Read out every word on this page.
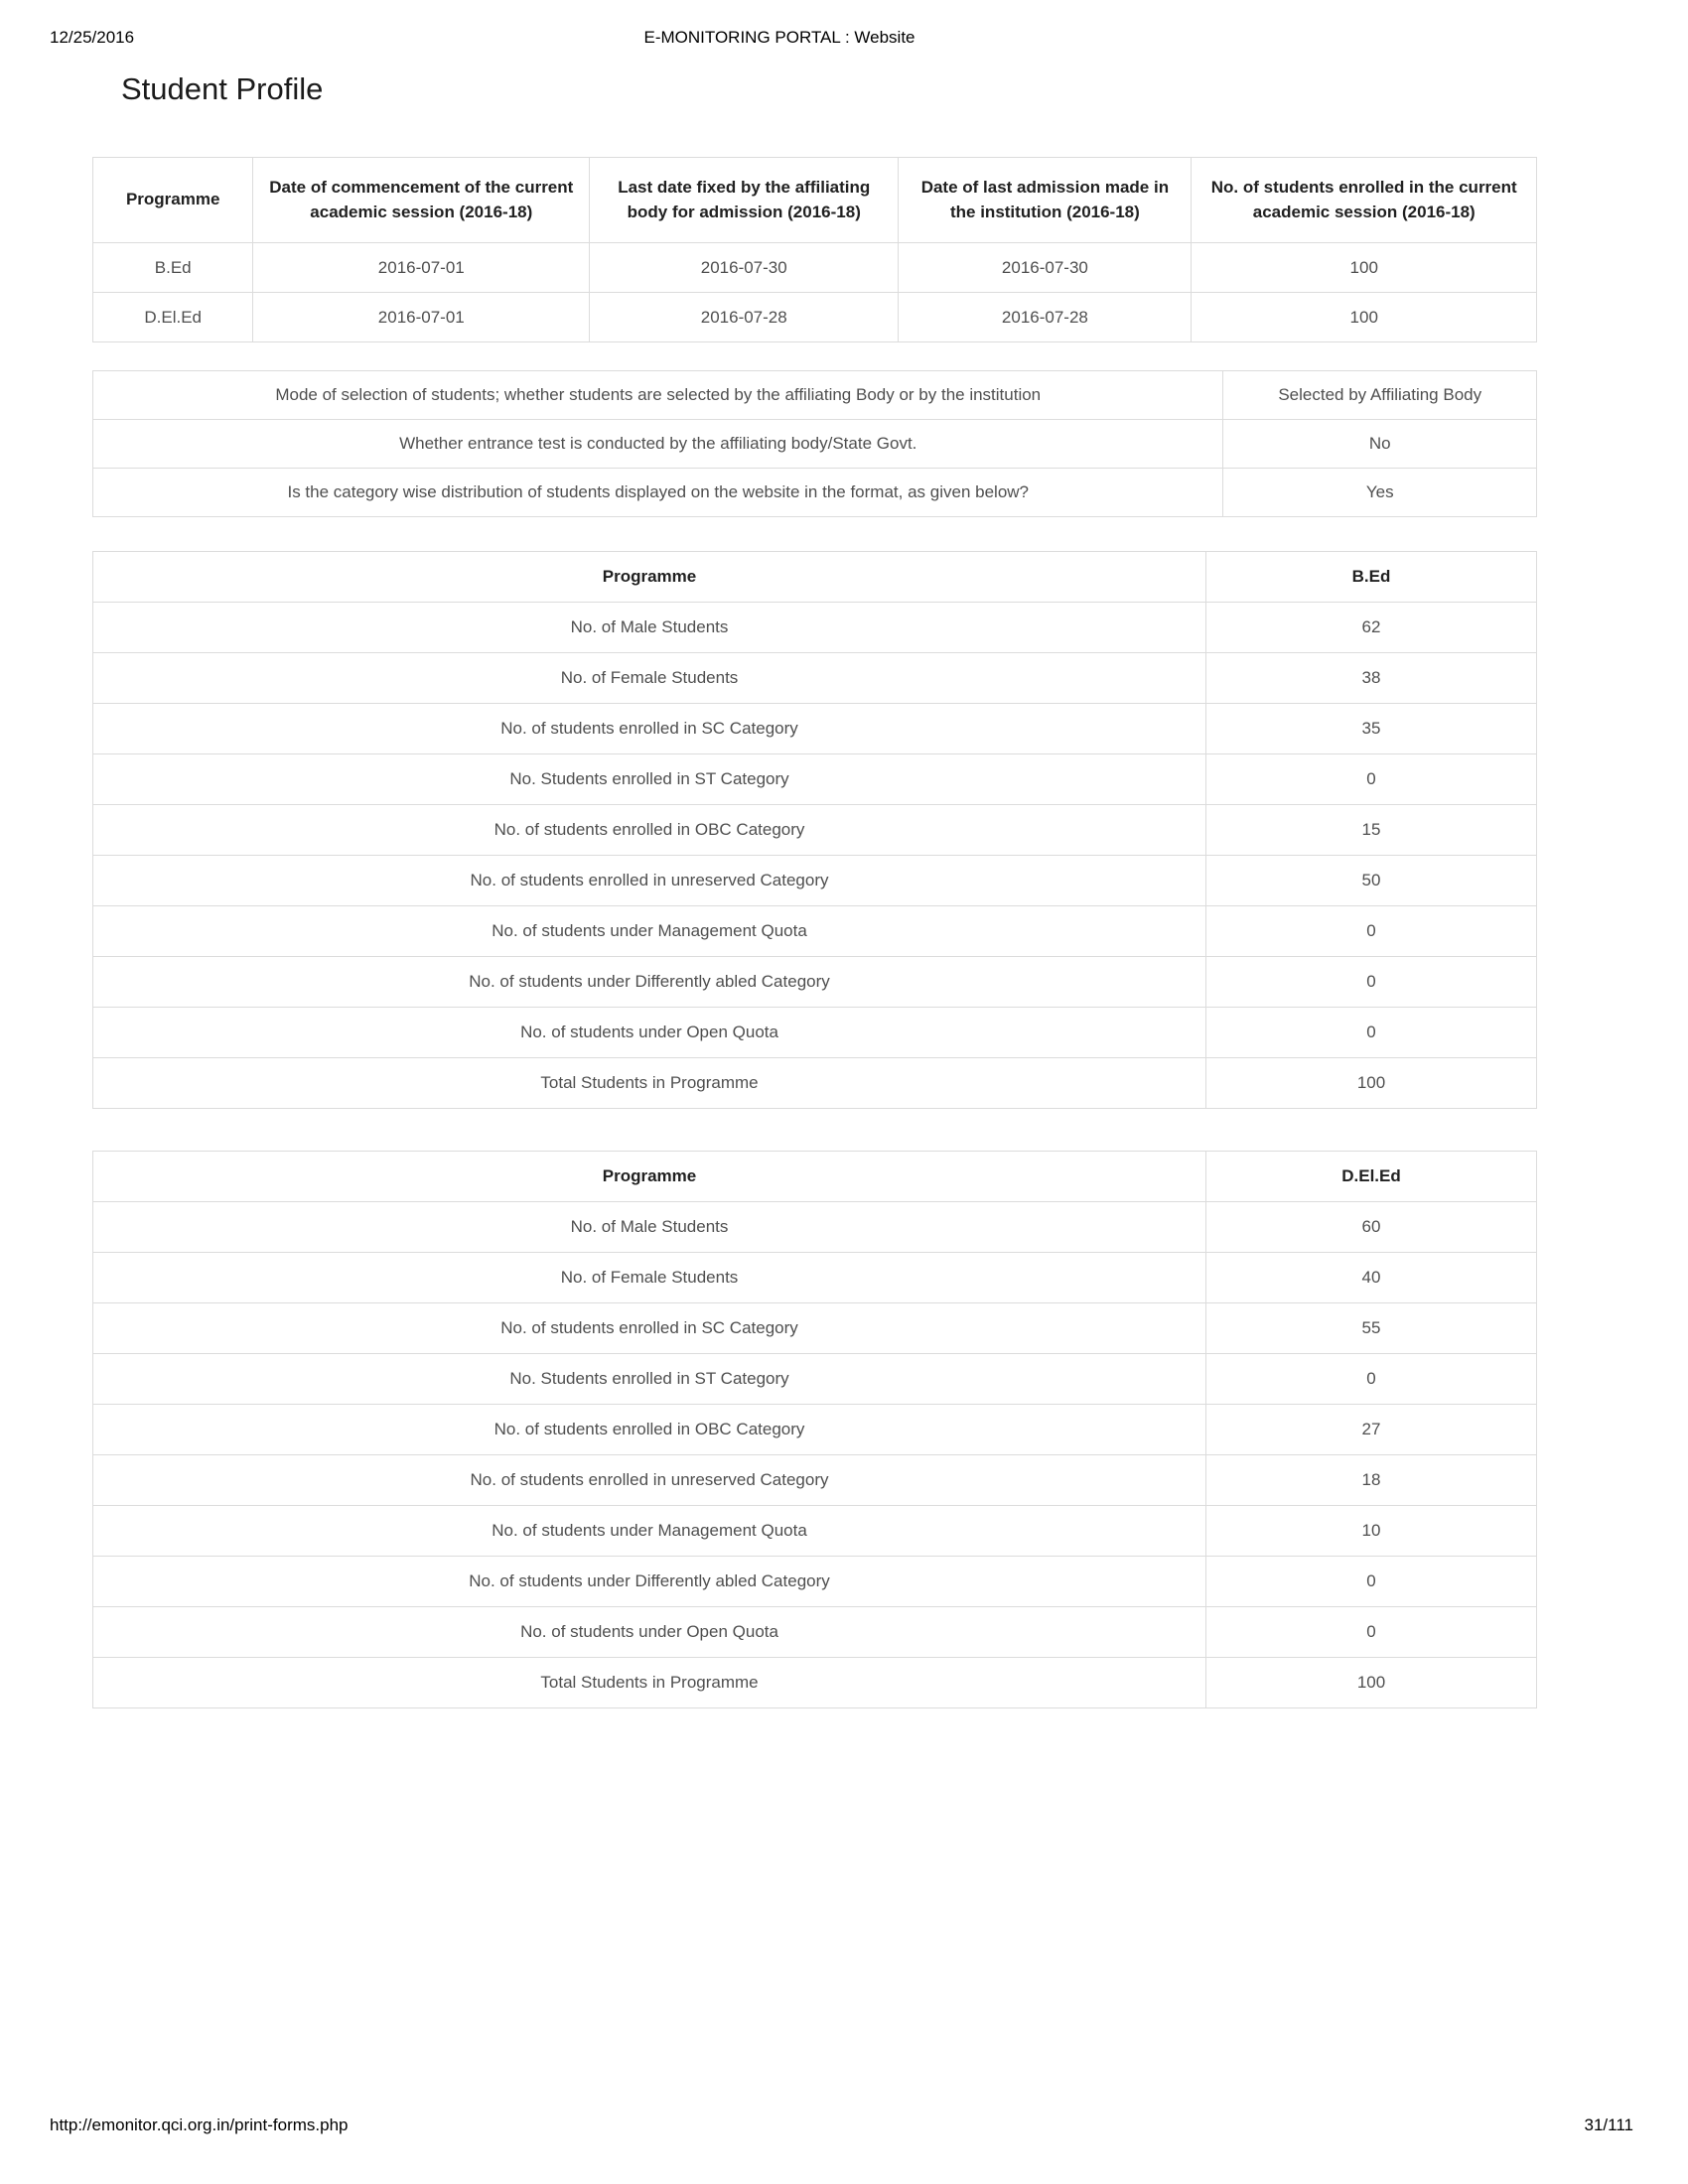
12/25/2016	E-MONITORING PORTAL : Website
Student Profile
Programme	Date of commencement of the current academic session (2016-18)	Last date fixed by the affiliating body for admission (2016-18)	Date of last admission made in the institution (2016-18)	No. of students enrolled in the current academic session (2016-18)
B.Ed	2016-07-01	2016-07-30	2016-07-30	100
D.El.Ed	2016-07-01	2016-07-28	2016-07-28	100
Mode of selection of students; whether students are selected by the affiliating Body or by the institution	Selected by Affiliating Body
Whether entrance test is conducted by the affiliating body/State Govt.	No
Is the category wise distribution of students displayed on the website in the format, as given below?	Yes
Programme	B.Ed
No. of Male Students	62
No. of Female Students	38
No. of students enrolled in SC Category	35
No. Students enrolled in ST Category	0
No. of students enrolled in OBC Category	15
No. of students enrolled in unreserved Category	50
No. of students under Management Quota	0
No. of students under Differently abled Category	0
No. of students under Open Quota	0
Total Students in Programme	100
Programme	D.El.Ed
No. of Male Students	60
No. of Female Students	40
No. of students enrolled in SC Category	55
No. Students enrolled in ST Category	0
No. of students enrolled in OBC Category	27
No. of students enrolled in unreserved Category	18
No. of students under Management Quota	10
No. of students under Differently abled Category	0
No. of students under Open Quota	0
Total Students in Programme	100
http://emonitor.qci.org.in/print-forms.php	31/111
